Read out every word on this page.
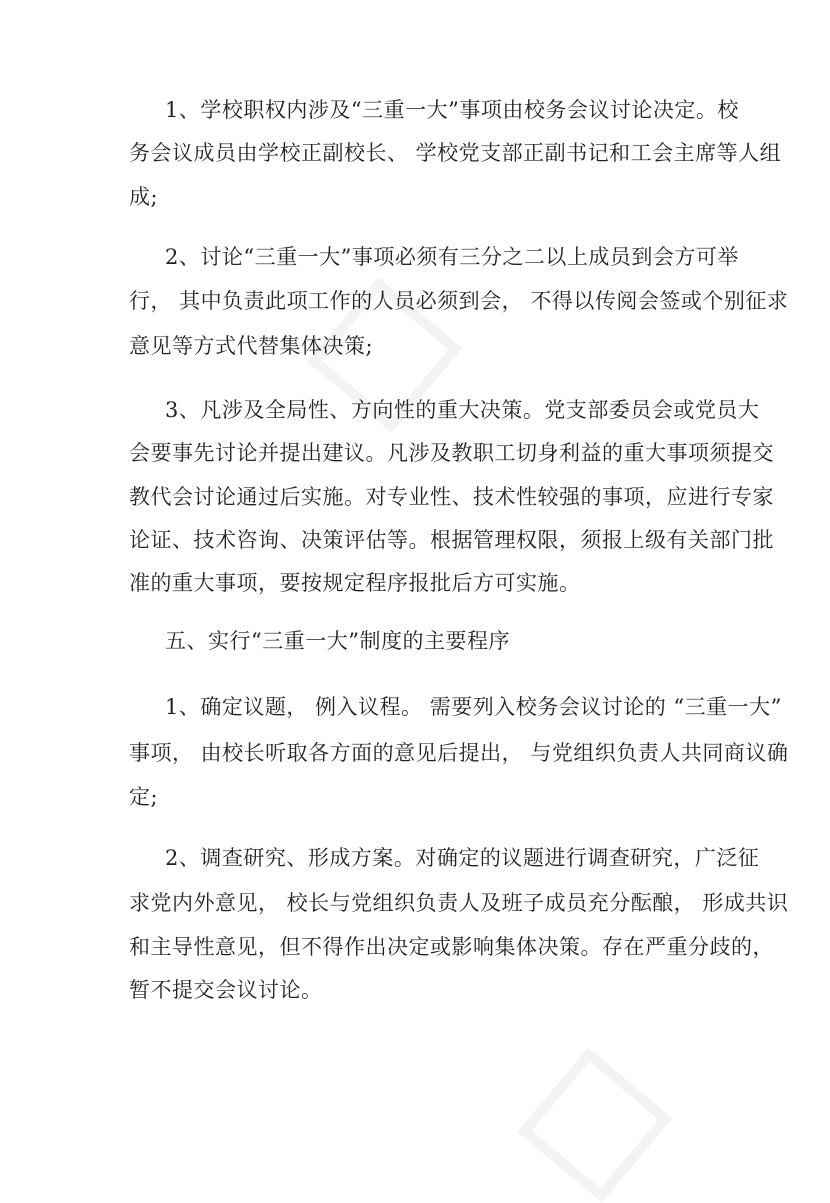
1、学校职权内涉及“三重一大”事项由校务会议讨论决定。校
务会议成员由学校正副校长、 学校党支部正副书记和工会主席等人组
成;
2、讨论“三重一大”事项必须有三分之二以上成员到会方可举
行， 其中负责此项工作的人员必须到会， 不得以传阅会签或个别征求
意见等方式代替集体决策;
3、凡涉及全局性、方向性的重大决策。党支部委员会或党员大
会要事先讨论并提出建议。凡涉及教职工切身利益的重大事项须提交
教代会讨论通过后实施。对专业性、技术性较强的事项，应进行专家
论证、技术咨询、决策评估等。根据管理权限，须报上级有关部门批
准的重大事项，要按规定程序报批后方可实施。
五、实行“三重一大”制度的主要程序
1、确定议题， 例入议程。 需要列入校务会议讨论的 “三重一大”
事项， 由校长听取各方面的意见后提出， 与党组织负责人共同商议确
定;
2、调查研究、形成方案。对确定的议题进行调查研究，广泛征
求党内外意见， 校长与党组织负责人及班子成员充分酝酿， 形成共识
和主导性意见，但不得作出决定或影响集体决策。存在严重分歧的，
暂不提交会议讨论。
